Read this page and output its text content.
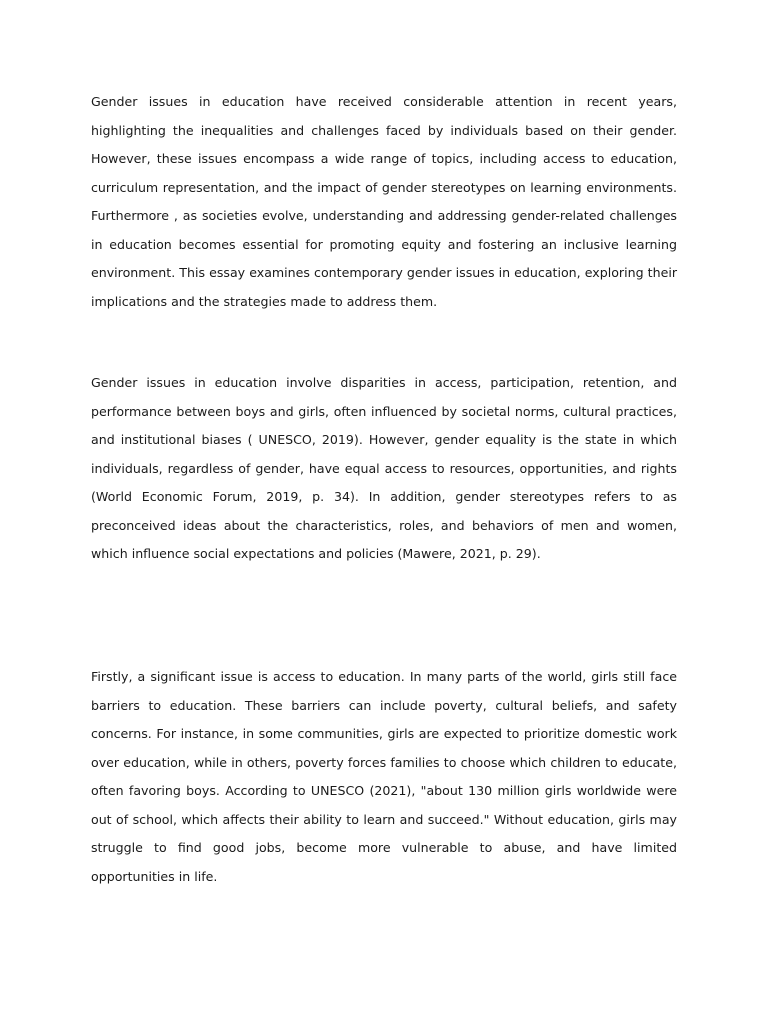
Gender issues in education have received considerable attention in recent years, highlighting the inequalities and challenges faced by individuals based on their gender. However, these issues encompass a wide range of topics, including access to education, curriculum representation, and the impact of gender stereotypes on learning environments. Furthermore , as societies evolve, understanding and addressing gender-related challenges in education becomes essential for promoting equity and fostering an inclusive learning environment. This essay examines contemporary gender issues in education, exploring their implications and the strategies made to address them.

Gender issues in education involve disparities in access, participation, retention, and performance between boys and girls, often influenced by societal norms, cultural practices, and institutional biases ( UNESCO, 2019). However, gender equality is the state in which individuals, regardless of gender, have equal access to resources, opportunities, and rights (World Economic Forum, 2019, p. 34). In addition, gender stereotypes refers to as preconceived ideas about the characteristics, roles, and behaviors of men and women, which influence social expectations and policies (Mawere, 2021, p. 29).

Firstly, a significant issue is access to education. In many parts of the world, girls still face barriers to education. These barriers can include poverty, cultural beliefs, and safety concerns. For instance, in some communities, girls are expected to prioritize domestic work over education, while in others, poverty forces families to choose which children to educate, often favoring boys. According to UNESCO (2021), "about 130 million girls worldwide were out of school, which affects their ability to learn and succeed." Without education, girls may struggle to find good jobs, become more vulnerable to abuse, and have limited opportunities in life.
